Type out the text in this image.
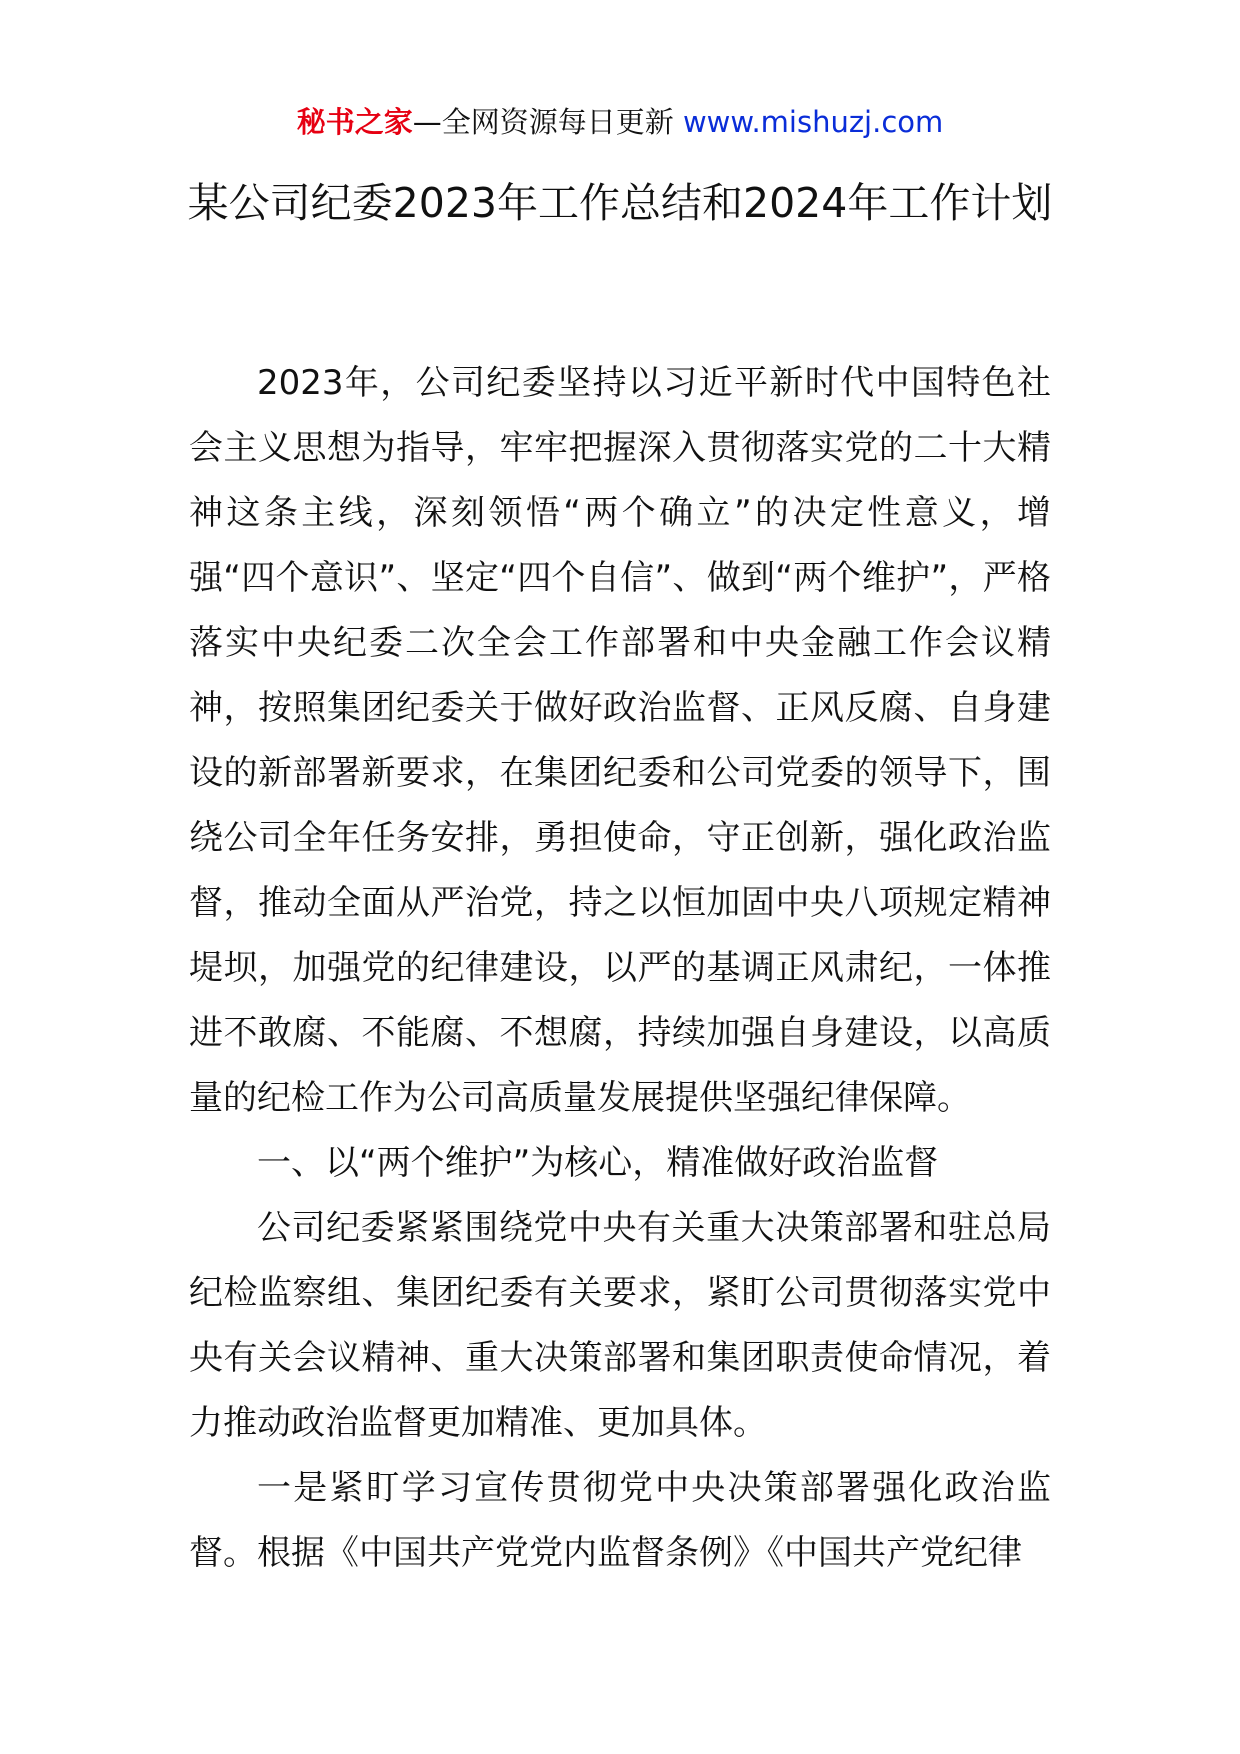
秘书之家—全网资源每日更新 www.mishuzj.com
某公司纪委2023年工作总结和2024年工作计划

2023年，公司纪委坚持以习近平新时代中国特色社会主义思想为指导，牢牢把握深入贯彻落实党的二十大精神这条主线，深刻领悟“两个确立”的决定性意义，增强“四个意识”、坚定“四个自信”、做到“两个维护”，严格落实中央纪委二次全会工作部署和中央金融工作会议精神，按照集团纪委关于做好政治监督、正风反腐、自身建设的新部署新要求，在集团纪委和公司党委的领导下，围绕公司全年任务安排，勇担使命，守正创新，强化政治监督，推动全面从严治党，持之以恒加固中央八项规定精神堤坝，加强党的纪律建设，以严的基调正风肃纪，一体推进不敢腐、不能腐、不想腐，持续加强自身建设，以高质量的纪检工作为公司高质量发展提供坚强纪律保障。

一、以“两个维护”为核心，精准做好政治监督

公司纪委紧紧围绕党中央有关重大决策部署和驻总局纪检监察组、集团纪委有关要求，紧盯公司贯彻落实党中央有关会议精神、重大决策部署和集团职责使命情况，着力推动政治监督更加精准、更加具体。

一是紧盯学习宣传贯彻党中央决策部署强化政治监督。根据《中国共产党党内监督条例》《中国共产党纪律
